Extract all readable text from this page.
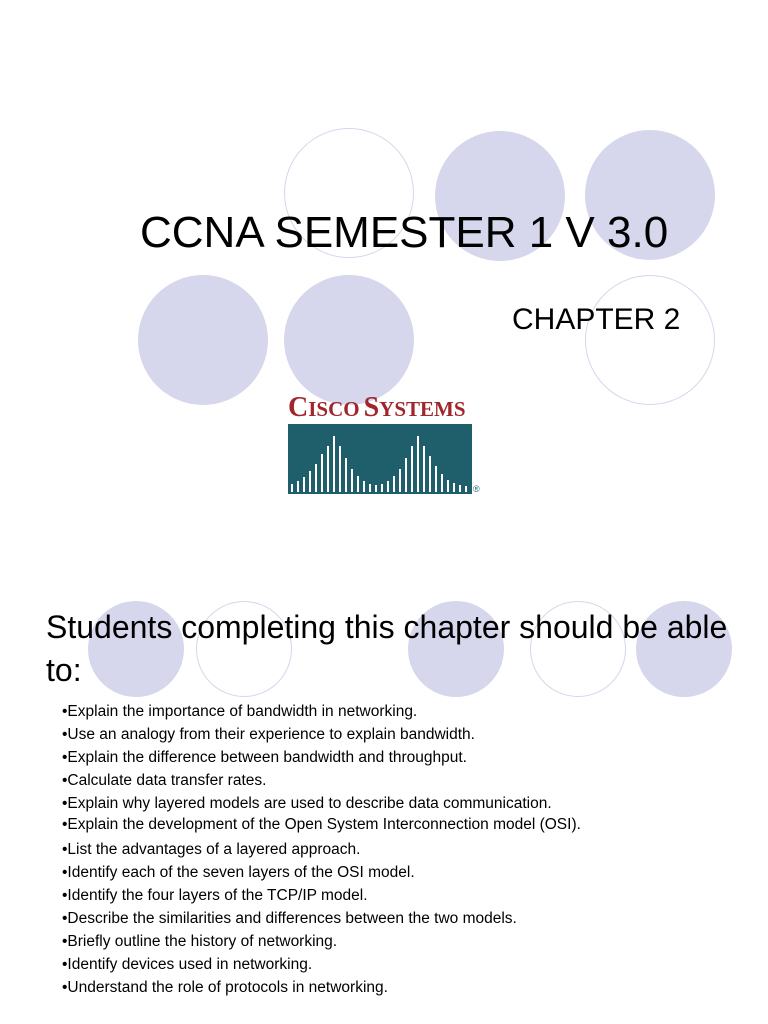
CCNA SEMESTER 1 V 3.0
CHAPTER 2
CISCO SYSTEMS
®
Students completing this chapter should be able to:
•Explain the importance of bandwidth in networking.
•Use an analogy from their experience to explain bandwidth.
•Explain the difference between bandwidth and throughput.
•Calculate data transfer rates.
•Explain why layered models are used to describe data communication.
•Explain the development of the Open System Interconnection model (OSI).
•List the advantages of a layered approach.
•Identify each of the seven layers of the OSI model.
•Identify the four layers of the TCP/IP model.
•Describe the similarities and differences between the two models.
•Briefly outline the history of networking.
•Identify devices used in networking.
•Understand the role of protocols in networking.
